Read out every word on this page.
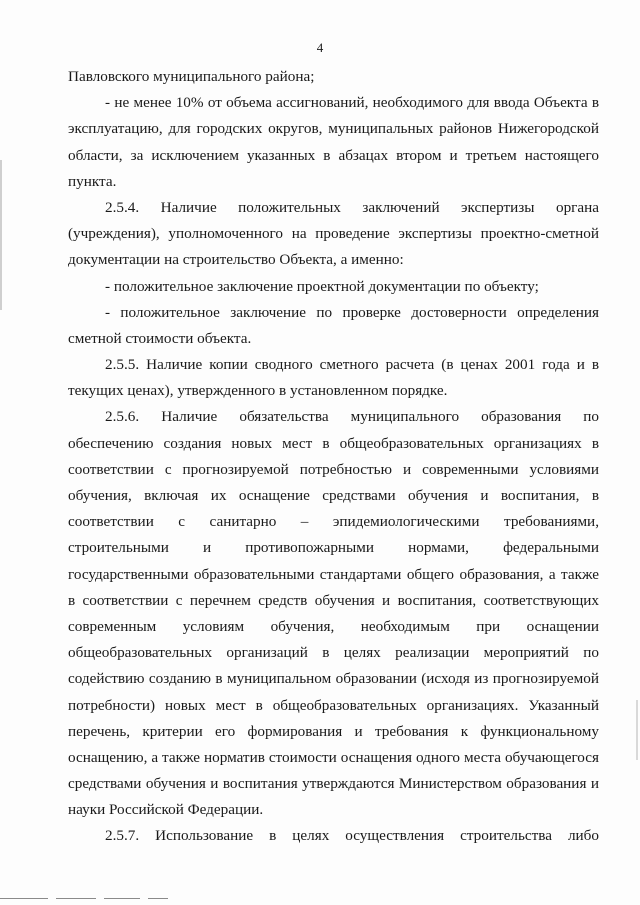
4
Павловского муниципального района;
- не менее 10% от объема ассигнований, необходимого для ввода Объекта в
эксплуатацию, для городских округов, муниципальных районов Нижегородской
области, за исключением указанных в абзацах втором и третьем настоящего
пункта.
2.5.4. Наличие положительных заключений экспертизы органа
(учреждения), уполномоченного на проведение экспертизы проектно-сметной
документации на строительство Объекта, а именно:
- положительное заключение проектной документации по объекту;
- положительное заключение по проверке достоверности определения
сметной стоимости объекта.
2.5.5. Наличие копии сводного сметного расчета (в ценах 2001 года и в
текущих ценах), утвержденного в установленном порядке.
2.5.6. Наличие обязательства муниципального образования по
обеспечению создания новых мест в общеобразовательных организациях в
соответствии с прогнозируемой потребностью и современными условиями
обучения, включая их оснащение средствами обучения и воспитания, в
соответствии с санитарно – эпидемиологическими требованиями,
строительными и противопожарными нормами, федеральными
государственными образовательными стандартами общего образования, а также
в соответствии с перечнем средств обучения и воспитания, соответствующих
современным условиям обучения, необходимым при оснащении
общеобразовательных организаций в целях реализации мероприятий по
содействию созданию в муниципальном образовании (исходя из прогнозируемой
потребности) новых мест в общеобразовательных организациях. Указанный
перечень, критерии его формирования и требования к функциональному
оснащению, а также норматив стоимости оснащения одного места обучающегося
средствами обучения и воспитания утверждаются Министерством образования и
науки Российской Федерации.
2.5.7. Использование в целях осуществления строительства либо
